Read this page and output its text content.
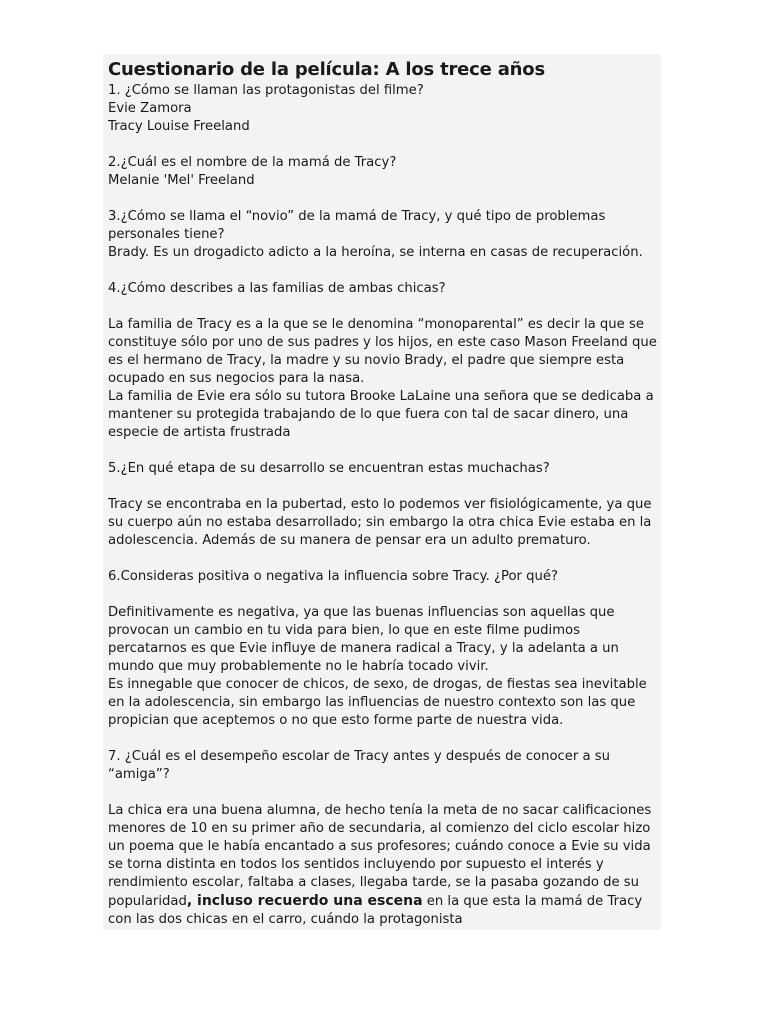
Cuestionario de la película: A los trece años

1. ¿Cómo se llaman las protagonistas del filme?

Evie Zamora

Tracy Louise Freeland

2.¿Cuál es el nombre de la mamá de Tracy?

Melanie 'Mel' Freeland

3.¿Cómo se llama el “novio” de la mamá de Tracy, y qué tipo de problemas personales tiene?

Brady. Es un drogadicto adicto a la heroína, se interna en casas de recuperación.

4.¿Cómo describes a las familias de ambas chicas?

La familia de Tracy es a la que se le denomina “monoparental” es decir la que se constituye sólo por uno de sus padres y los hijos, en este caso Mason Freeland que es el hermano de Tracy, la madre y su novio Brady, el padre que siempre esta ocupado en sus negocios para la nasa.

La familia de Evie era sólo su tutora Brooke LaLaine una señora que se dedicaba a mantener su protegida trabajando de lo que fuera con tal de sacar dinero, una especie de artista frustrada

5.¿En qué etapa de su desarrollo se encuentran estas muchachas?

Tracy se encontraba en la pubertad, esto lo podemos ver fisiológicamente, ya que su cuerpo aún no estaba desarrollado; sin embargo la otra chica Evie estaba en la adolescencia. Además de su manera de pensar era un adulto prematuro.

6.Consideras positiva o negativa la influencia sobre Tracy. ¿Por qué?

Definitivamente es negativa, ya que las buenas influencias son aquellas que provocan un cambio en tu vida para bien, lo que en este filme pudimos percatarnos es que Evie influye de manera radical a Tracy, y la adelanta a un mundo que muy probablemente no le habría tocado vivir.

Es innegable que conocer de chicos, de sexo, de drogas, de fiestas sea inevitable en la adolescencia, sin embargo las influencias de nuestro contexto son las que propician que aceptemos o no que esto forme parte de nuestra vida.

7. ¿Cuál es el desempeño escolar de Tracy antes y después de conocer a su “amiga”?

La chica era una buena alumna, de hecho tenía la meta de no sacar calificaciones menores de 10 en su primer año de secundaria, al comienzo del ciclo escolar hizo un poema que le había encantado a sus profesores; cuándo conoce a Evie su vida se torna distinta en todos los sentidos incluyendo por supuesto el interés y rendimiento escolar, faltaba a clases, llegaba tarde, se la pasaba gozando de su popularidad, incluso recuerdo una escena en la que esta la mamá de Tracy con las dos chicas en el carro, cuándo la protagonista
